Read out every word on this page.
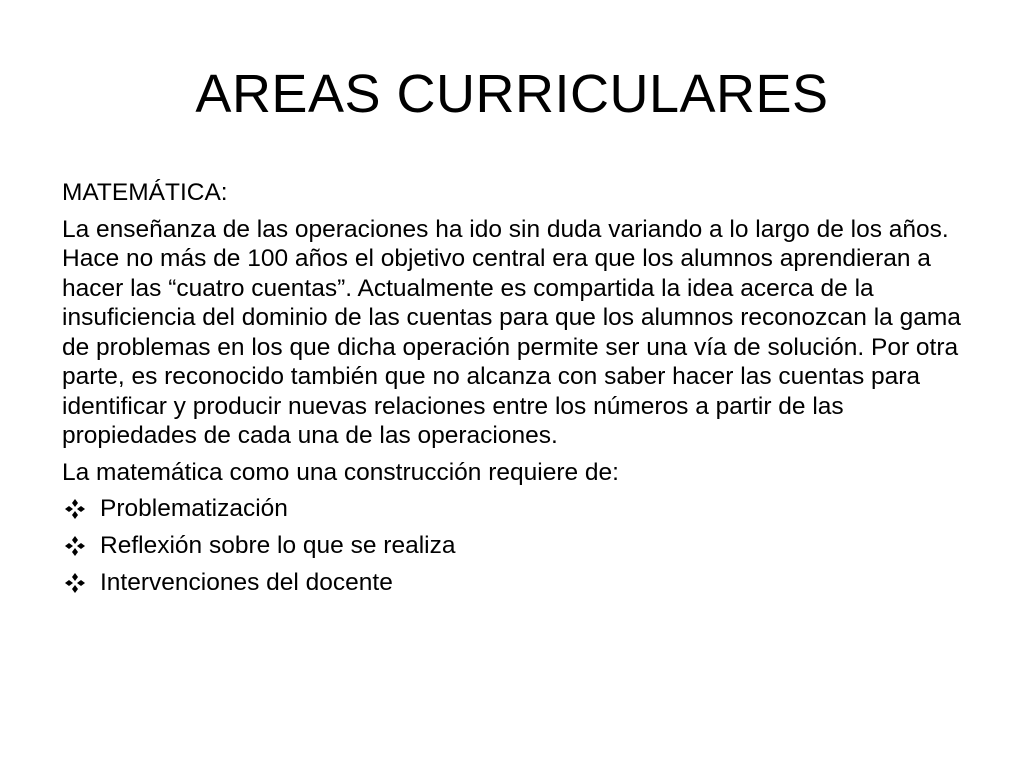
AREAS CURRICULARES
MATEMÁTICA:
La enseñanza de las operaciones ha ido sin duda variando a lo largo de los años. Hace no más de 100 años el objetivo central era que los alumnos aprendieran a hacer las “cuatro cuentas”. Actualmente es compartida la idea acerca de la insuficiencia del dominio de las cuentas para que los alumnos reconozcan la gama de problemas en los que dicha operación permite ser una vía de solución. Por otra parte, es reconocido también que no alcanza con saber hacer las cuentas para identificar y producir nuevas relaciones entre los números a partir de las propiedades de cada una de las operaciones.
La matemática como una construcción requiere de:
Problematización
Reflexión sobre lo que se realiza
Intervenciones del docente
